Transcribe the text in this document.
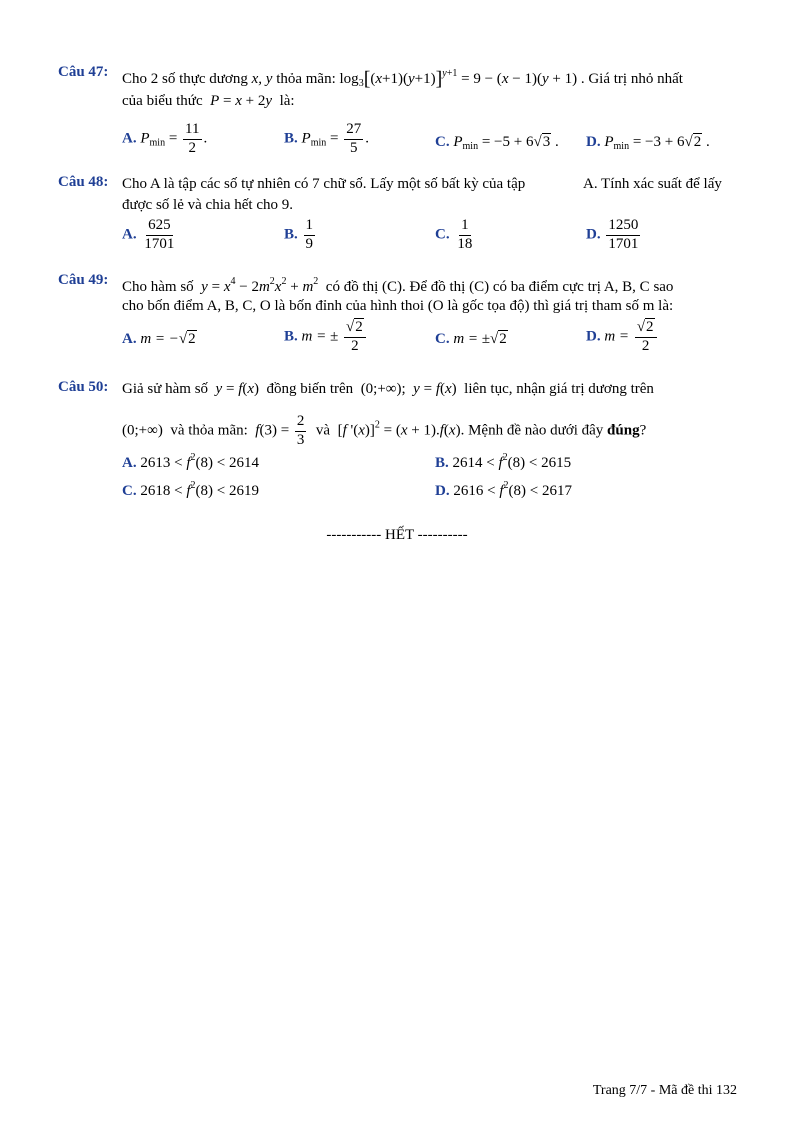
Câu 47: Cho 2 số thực dương x, y thỏa mãn: $\log_3[(x+1)(y+1)]^{y+1} = 9 - (x - 1)(y + 1)$ . Giá trị nhỏ nhất
của biểu thức P = x + 2y là:
A. $P_{min} = \frac{11}{2}$ .	B. $P_{min} = \frac{27}{5}$ .	C. $P_{min} = -5 + 6√3$ . D. $P_{min} = -3 + 6√2$ .
Câu 48: Cho A là tập các số tự nhiên có 7 chữ số. Lấy một số bất kỳ của tập	A. Tính xác suất để lấy
được số lẻ và chia hết cho 9.
A. $\frac{625}{1701}$	B. $\frac{1}{9}$	C. $\frac{1}{18}$	D. $\frac{1250}{1701}$
Câu 49: Cho hàm số $y = x^4 - 2m^2x^2 + m^2$ có đồ thị (C). Để đồ thị (C) có ba điểm cực trị A, B, C sao
cho bốn điểm A, B, C, O là bốn đỉnh của hình thoi (O là gốc tọa độ) thì giá trị tham số m là:
A. m = −√2	B. m = ± $\frac{√2}{2}$	C. m = ±√2	D. $m = \frac{√2}{2}$
Câu 50: Giả sử hàm số y = f(x)  đồng biến trên  (0;+∞);  y = f(x)  liên tục, nhận giá trị dương trên
(0;+∞)  và thỏa mãn: $f(3) = \frac{2}{3}$ và  [f '(x)]$^2$ = (x + 1).f(x). Mệnh đề nào dưới đây đúng?
A. $2613 < f^2(8) < 2614$	B. $2614 < f^2(8) < 2615$
C. $2618 < f^2(8) < 2619$	D. $2616 < f^2(8) < 2617$
----------- HẾT ----------
Trang 7/7 - Mã đề thi 132
